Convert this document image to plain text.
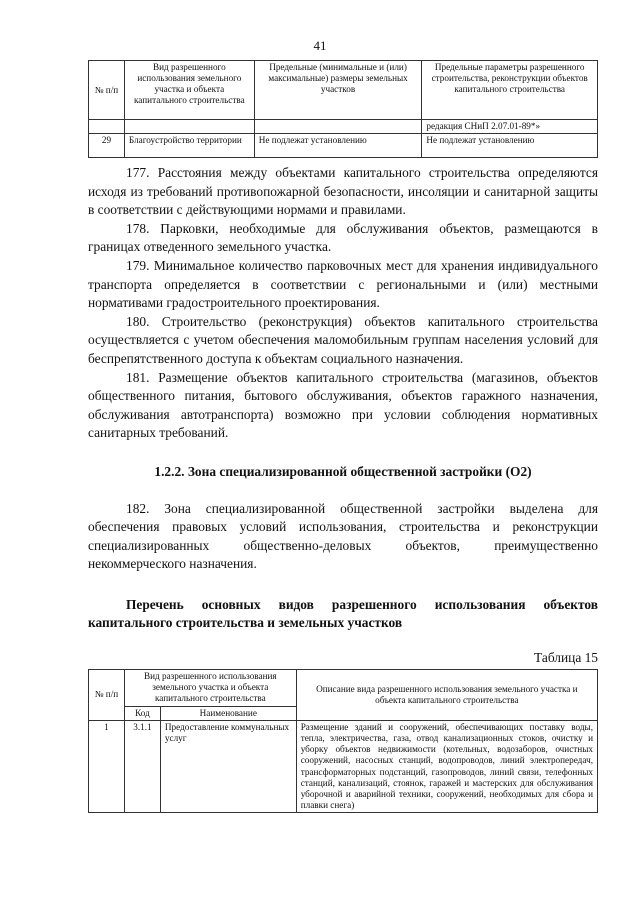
41
№ п/п	Вид разрешенного использования земельного участка и объекта капитального строительства	Предельные (минимальные и (или) максимальные) размеры земельных участков	Предельные параметры разрешенного строительства, реконструкции объектов капитального строительства
			редакция СНиП 2.07.01-89*»
29	Благоустройство территории	Не подлежат установлению	Не подлежат установлению

177. Расстояния между объектами капитального строительства определяются исходя из требований противопожарной безопасности, инсоляции и санитарной защиты в соответствии с действующими нормами и правилами.

178. Парковки, необходимые для обслуживания объектов, размещаются в границах отведенного земельного участка.

179. Минимальное количество парковочных мест для хранения индивидуального транспорта определяется в соответствии с региональными и (или) местными нормативами градостроительного проектирования.

180. Строительство (реконструкция) объектов капитального строительства осуществляется с учетом обеспечения маломобильным группам населения условий для беспрепятственного доступа к объектам социального назначения.

181. Размещение объектов капитального строительства (магазинов, объектов общественного питания, бытового обслуживания, объектов гаражного назначения, обслуживания автотранспорта) возможно при условии соблюдения нормативных санитарных требований.

1.2.2. Зона специализированной общественной застройки (О2)

182. Зона специализированной общественной застройки выделена для обеспечения правовых условий использования, строительства и реконструкции специализированных общественно-деловых объектов, преимущественно некоммерческого назначения.

Перечень основных видов разрешенного использования объектов капитального строительства и земельных участков

Таблица 15
№ п/п	Вид разрешенного использования земельного участка и объекта капитального строительства		Описание вида разрешенного использования земельного участка и объекта капитального строительства
	Код	Наименование	
1	3.1.1	Предоставление коммунальных услуг	Размещение зданий и сооружений, обеспечивающих поставку воды, тепла, электричества, газа, отвод канализационных стоков, очистку и уборку объектов недвижимости (котельных, водозаборов, очистных сооружений, насосных станций, водопроводов, линий электропередач, трансформаторных подстанций, газопроводов, линий связи, телефонных станций, канализаций, стоянок, гаражей и мастерских для обслуживания уборочной и аварийной техники, сооружений, необходимых для сбора и плавки снега)
